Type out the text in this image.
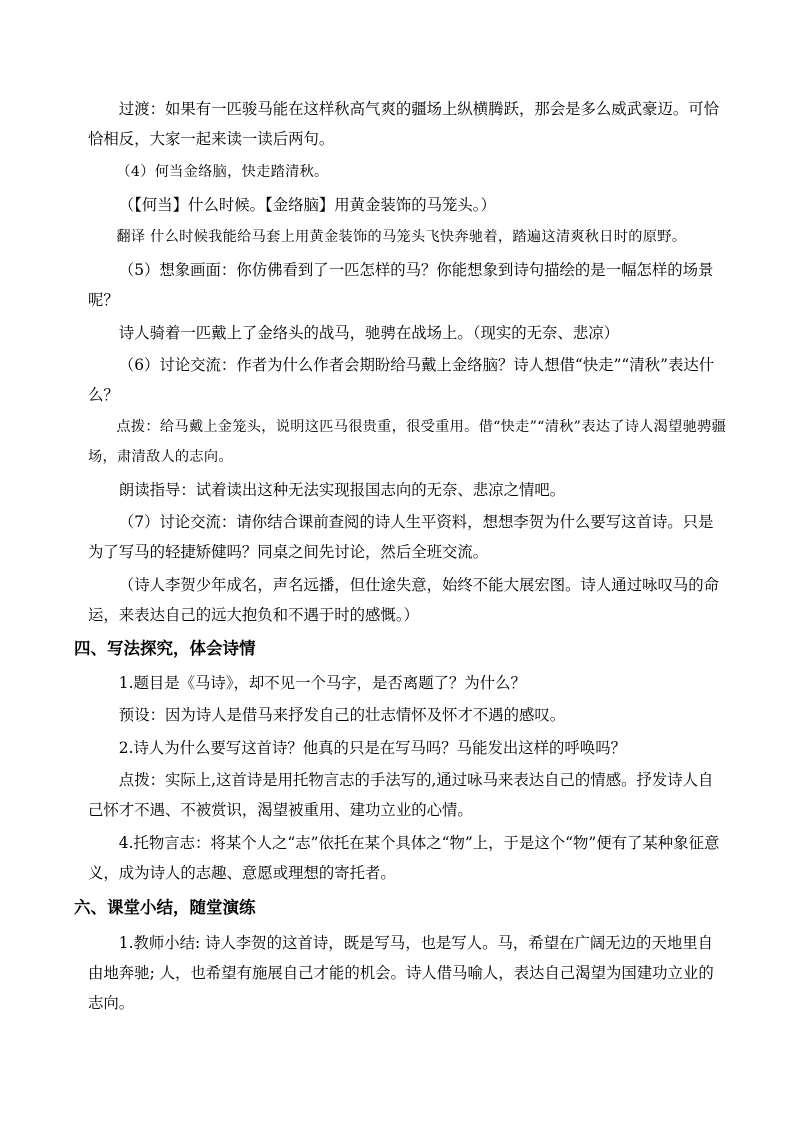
过渡：如果有一匹骏马能在这样秋高气爽的疆场上纵横腾跃，那会是多么威武豪迈。可恰恰相反，大家一起来读一读后两句。
（4）何当金络脑，快走踏清秋。
（【何当】什么时候。【金络脑】用黄金装饰的马笼头。）
翻译 什么时候我能给马套上用黄金装饰的马笼头飞快奔驰着，踏遍这清爽秋日时的原野。
（5）想象画面：你仿佛看到了一匹怎样的马？你能想象到诗句描绘的是一幅怎样的场景呢？
诗人骑着一匹戴上了金络头的战马，驰骋在战场上。（现实的无奈、悲凉）
（6）讨论交流：作者为什么作者会期盼给马戴上金络脑？诗人想借“快走”“清秋”表达什么？
点拨：给马戴上金笼头，说明这匹马很贵重，很受重用。借“快走”“清秋”表达了诗人渴望驰骋疆场，肃清敌人的志向。
朗读指导：试着读出这种无法实现报国志向的无奈、悲凉之情吧。
（7）讨论交流：请你结合课前查阅的诗人生平资料，想想李贺为什么要写这首诗。只是为了写马的轻捷矫健吗？同桌之间先讨论，然后全班交流。
（诗人李贺少年成名，声名远播，但仕途失意，始终不能大展宏图。诗人通过咏叹马的命运，来表达自己的远大抱负和不遇于时的感慨。）
四、写法探究，体会诗情
1.题目是《马诗》，却不见一个马字，是否离题了？为什么？
预设：因为诗人是借马来抒发自己的壮志情怀及怀才不遇的感叹。
2.诗人为什么要写这首诗？他真的只是在写马吗？马能发出这样的呼唤吗？
点拨：实际上,这首诗是用托物言志的手法写的,通过咏马来表达自己的情感。抒发诗人自己怀才不遇、不被赏识，渴望被重用、建功立业的心情。
4.托物言志：将某个人之“志”依托在某个具体之“物”上，于是这个“物”便有了某种象征意义，成为诗人的志趣、意愿或理想的寄托者。
六、课堂小结，随堂演练
1.教师小结: 诗人李贺的这首诗，既是写马，也是写人。马，希望在广阔无边的天地里自由地奔驰; 人，也希望有施展自己才能的机会。诗人借马喻人，表达自己渴望为国建功立业的志向。
